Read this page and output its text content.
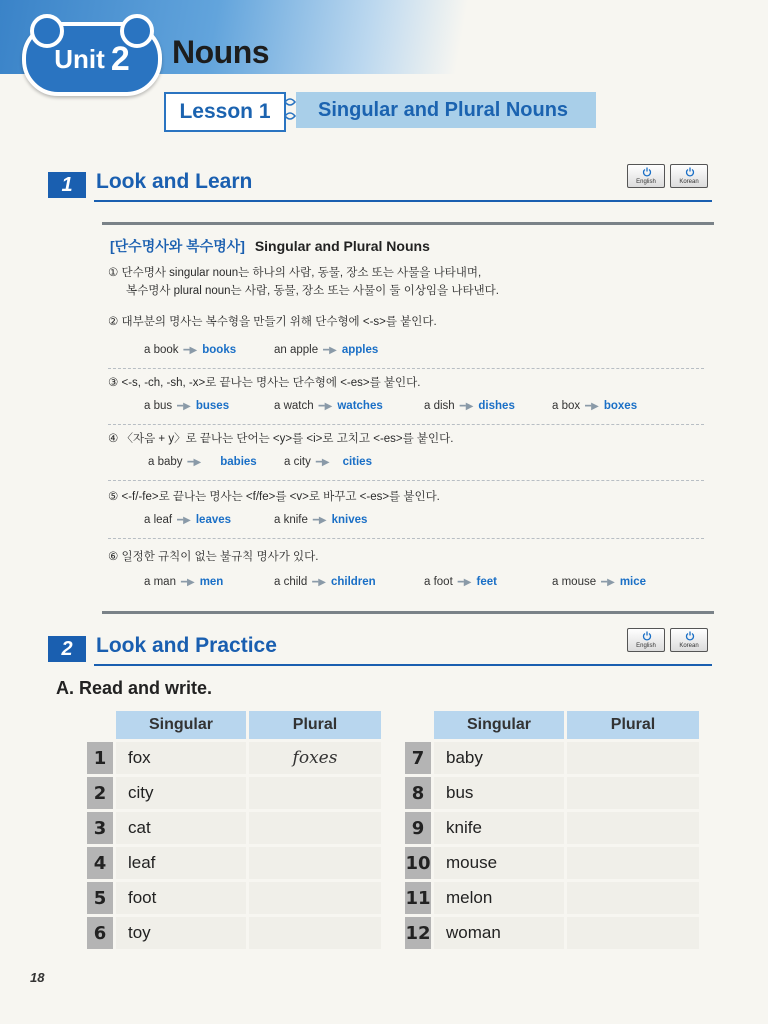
Unit 2 Nouns
Lesson 1	Singular and Plural Nouns
1	Look and Learn	English	Korean
[단수명사와 복수명사] Singular and Plural Nouns
① 단수명사 singular noun는 하나의 사람, 동물, 장소 또는 사물을 나타내며,
복수명사 plural noun는 사람, 동물, 장소 또는 사물이 둘 이상임을 나타낸다.
② 대부분의 명사는 복수형을 만들기 위해 단수형에 <-s>를 붙인다.
a book ━▶ books	an apple ━▶ apples
③ <-s, -ch, -sh, -x>로 끝나는 명사는 단수형에 <-es>를 붙인다.
a bus ━▶ buses	a watch ━▶ watches	a dish ━▶ dishes	a box ━▶ boxes
④ 〈자음 + y〉로 끝나는 단어는 <y>를 <i>로 고치고 <-es>를 붙인다.
a baby ━▶ babies a city ━▶ cities
⑤ <-f/-fe>로 끝나는 명사는 <f/fe>를 <v>로 바꾸고 <-es>를 붙인다.
a leaf ━▶ leaves	a knife ━▶ knives
⑥ 일정한 규칙이 없는 불규칙 명사가 있다.
a man ━▶ men	a child ━▶ children	a foot ━▶ feet	a mouse ━▶ mice
2	Look and Practice	English	Korean
A. Read and write.
	Singular	Plural
1	fox	foxes
2	city	
3	cat	
4	leaf	
5	foot	
6	toy	
	Singular	Plural
7	baby	
8	bus	
9	knife	
10	mouse	
11	melon	
12	woman	
18
